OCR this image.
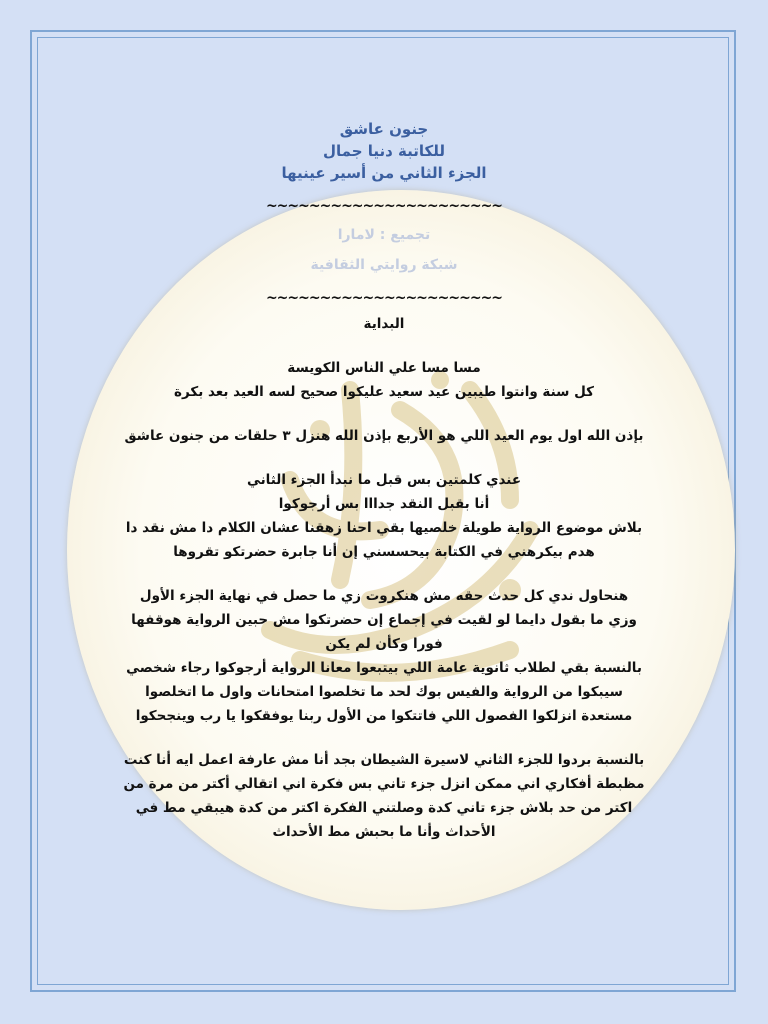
جنون عاشق
للكاتبة دنيا جمال
الجزء الثاني من أسير عينيها
~~~~~~~~~~~~~~~~~~~~~~
تجميع : لامارا
شبكة روايتي الثقافية
~~~~~~~~~~~~~~~~~~~~~~

البداية

مسا مسا علي الناس الكويسة

كل سنة وانتوا طيبين عيد سعيد عليكوا صحيح لسه العيد بعد بكرة

بإذن الله اول يوم العيد اللي هو الأربع بإذن الله هنزل ٣ حلقات من جنون عاشق

عندي كلمتين بس قبل ما نبدأ الجزء الثاني

أنا بقبل النقد جدااا بس أرجوكوا

بلاش موضوع الرواية طويلة خلصيها بقي احنا زهقنا عشان الكلام دا مش نقد دا

هدم بيكرهني في الكتابة بيحسسني إن أنا جابرة حضرتكو تقروها

هنحاول ندي كل حدث حقه مش هنكروت زي ما حصل في نهاية الجزء الأول

وزي ما بقول دايما لو لقيت في إجماع إن حضرتكوا مش حبين الرواية هوقفها

فورا وكأن لم يكن

بالنسبة بقي لطلاب ثانوية عامة اللي بيتبعوا معانا الرواية أرجوكوا رجاء شخصي

سيبكوا من الرواية والفيس بوك لحد ما تخلصوا امتحانات واول ما اتخلصوا

مستعدة انزلكوا الفصول اللي فاتتكوا من الأول ربنا يوفقكوا يا رب وينجحكوا

بالنسبة بردوا للجزء الثاني لاسيرة الشيطان بجد أنا مش عارفة اعمل ايه أنا كنت

مظبطة أفكاري اني ممكن انزل جزء تاني بس فكرة اني اتقالي أكتر من مرة من

اكتر من حد بلاش جزء تاني كدة وصلتني الفكرة اكتر من كدة هيبقي مط في

الأحداث وأنا ما بحبش مط الأحداث
